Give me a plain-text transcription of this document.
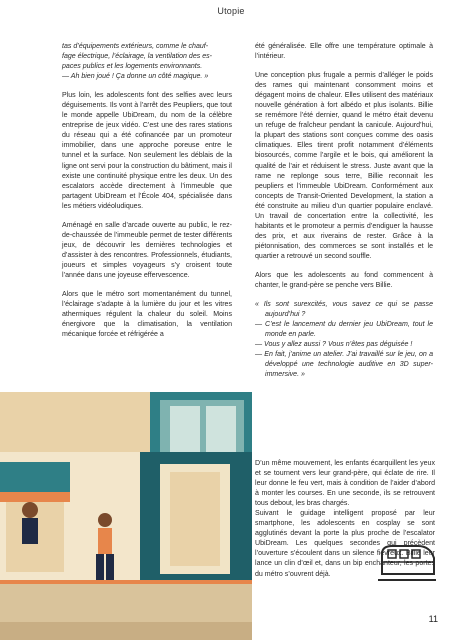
Utopie

tas d’équipements extérieurs, comme le chauf-
fage électrique, l’éclairage, la ventilation des es-
paces publics et les logements environnants.
— Ah bien joué ! Ça donne un côté magique. »

Plus loin, les adolescents font des selfies avec leurs déguisements. Ils vont à l’arrêt des Peupliers, que tout le monde appelle UbiDream, du nom de la célèbre entreprise de jeux vidéo. C’est une des rares stations du réseau qui a été cofinancée par un promoteur immobilier, dans une approche poreuse entre le tunnel et la surface. Non seulement les déblais de la ligne ont servi pour la construction du bâtiment, mais il existe une continuité physique entre les deux. Un des escalators accède directement à l’immeuble que partagent UbiDream et l’École 404, spécialisée dans les métiers vidéoludiques.

Aménagé en salle d’arcade ouverte au public, le rez-de-chaussée de l’immeuble permet de tester différents jeux, de découvrir les dernières technologies et d’assister à des rencontres. Professionnels, étudiants, joueurs et simples voyageurs s’y croisent toute l’année dans une joyeuse effervescence.

Alors que le métro sort momentanément du tunnel, l’éclairage s’adapte à la lumière du jour et les vitres athermiques régulent la chaleur du soleil. Moins énergivore que la climatisation, la ventilation mécanique forcée et réfrigérée a

été généralisée. Elle offre une température optimale à l’intérieur.

Une conception plus frugale a permis d’alléger le poids des rames qui maintenant consomment moins et dégagent moins de chaleur. Elles utilisent des matériaux nouvelle génération à fort albédo et plus isolants. Billie se remémore l’été dernier, quand le métro était devenu un refuge de fraîcheur pendant la canicule. Aujourd’hui, la plupart des stations sont conçues comme des oasis climatiques. Elles tirent profit notamment d’éléments biosourcés, comme l’argile et le bois, qui améliorent la qualité de l’air et réduisent le stress. Juste avant que la rame ne replonge sous terre, Billie reconnait les peupliers et l’immeuble UbiDream. Conformément aux concepts de Transit-Oriented Development, la station a été construite au milieu d’un quartier populaire enclavé. Un travail de concertation entre la collectivité, les habitants et le promoteur a permis d’endiguer la hausse des prix, et aux riverains de rester. Grâce à la piétonnisation, des commerces se sont installés et le quartier a retrouvé un second souffle.

Alors que les adolescents au fond commencent à chanter, le grand-père se penche vers Billie.

« Ils sont surexcités, vous savez ce qui se passe aujourd’hui ?
— C’est le lancement du dernier jeu UbiDream, tout le monde en parle.
— Vous y allez aussi ? Vous n’êtes pas déguisée !
— En fait, j’anime un atelier. J’ai travaillé sur le jeu, on a développé une technologie auditive en 3D super-immersive. »

D’un même mouvement, les enfants écarquillent les yeux et se tournent vers leur grand-père, qui éclate de rire. Il leur donne le feu vert, mais à condition de l’aider d’abord à monter les courses. En une seconde, ils se retrouvent tous debout, les bras chargés.

Suivant le guidage intelligent proposé par leur smartphone, les adolescents en cosplay se sont agglutinés devant la porte la plus proche de l’escalator UbiDream. Les quelques secondes qui précèdent l’ouverture s’écoulent dans un silence fiévreux. Billie leur lance un clin d’œil et, dans un bip enchanteur, les portes du métro s’ouvrent déjà.

11
